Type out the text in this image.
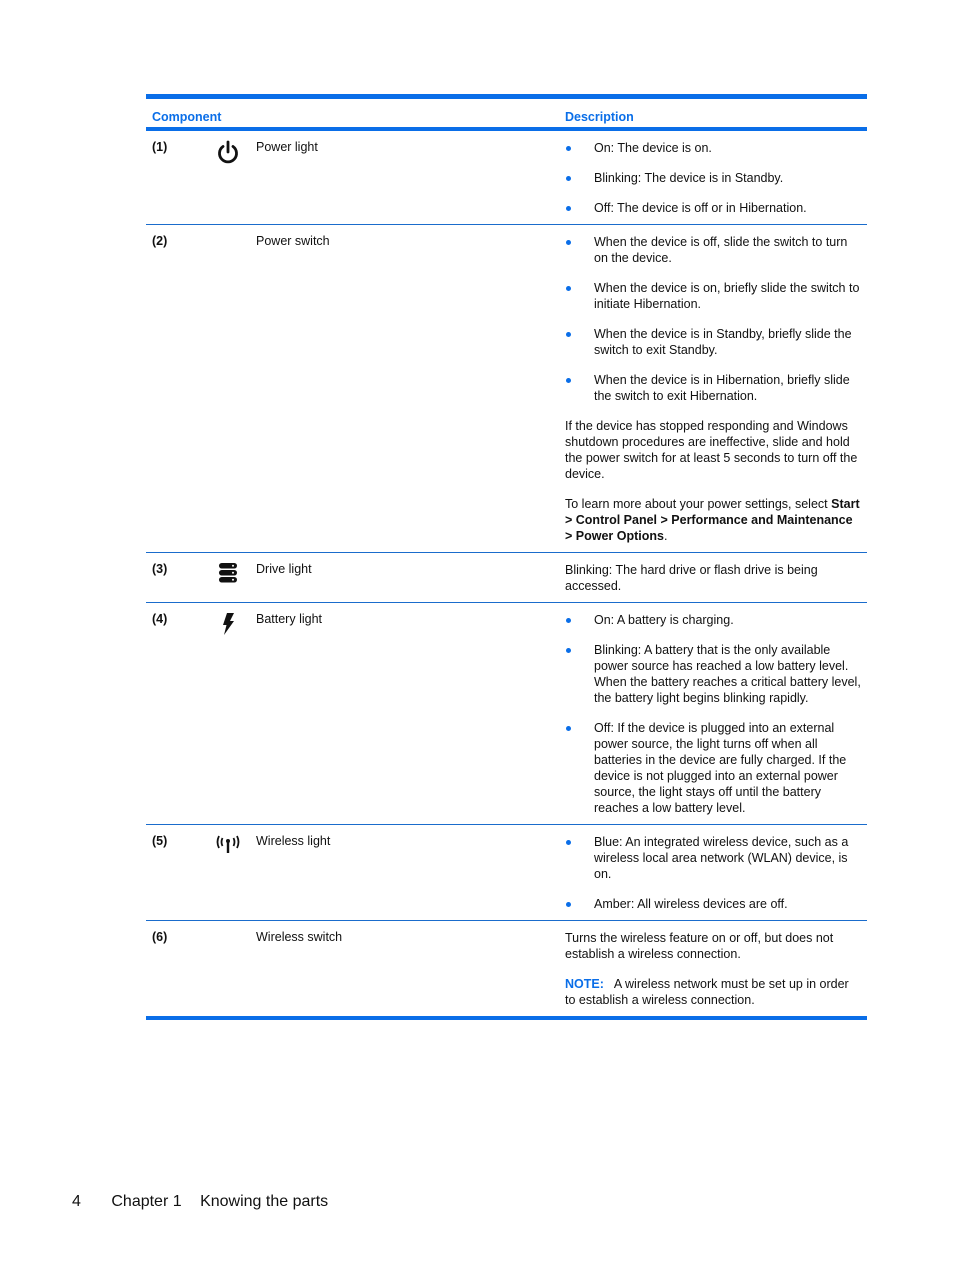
Component	Description
(1)	Power light	On: The device is on.
Blinking: The device is in Standby.
Off: The device is off or in Hibernation.
(2)	Power switch	When the device is off, slide the switch to turn on the device.
When the device is on, briefly slide the switch to initiate Hibernation.
When the device is in Standby, briefly slide the switch to exit Standby.
When the device is in Hibernation, briefly slide the switch to exit Hibernation.
If the device has stopped responding and Windows shutdown procedures are ineffective, slide and hold the power switch for at least 5 seconds to turn off the device.
To learn more about your power settings, select Start > Control Panel > Performance and Maintenance > Power Options.
(3)	Drive light	Blinking: The hard drive or flash drive is being accessed.
(4)	Battery light	On: A battery is charging.
Blinking: A battery that is the only available power source has reached a low battery level. When the battery reaches a critical battery level, the battery light begins blinking rapidly.
Off: If the device is plugged into an external power source, the light turns off when all batteries in the device are fully charged. If the device is not plugged into an external power source, the light stays off until the battery reaches a low battery level.
(5)	Wireless light	Blue: An integrated wireless device, such as a wireless local area network (WLAN) device, is on.
Amber: All wireless devices are off.
(6)	Wireless switch	Turns the wireless feature on or off, but does not establish a wireless connection.
NOTE: A wireless network must be set up in order to establish a wireless connection.
4 Chapter 1 Knowing the parts
